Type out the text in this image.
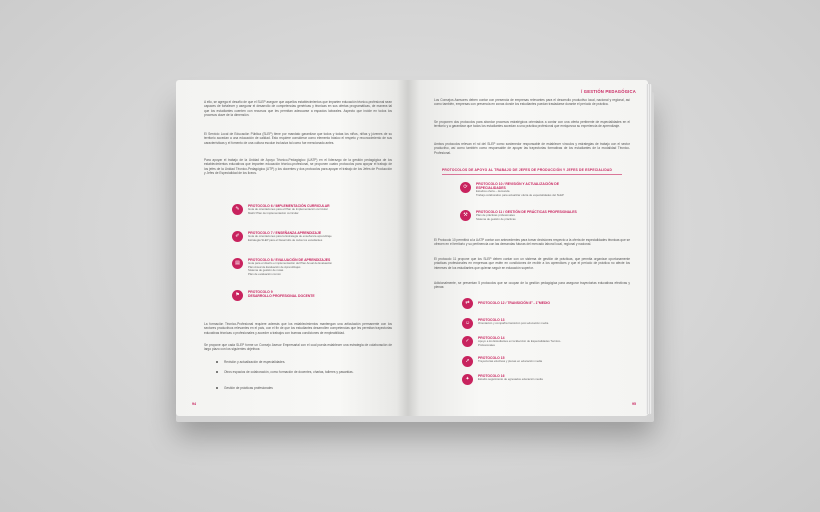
A ello, se agrega el desafío de que el SLEP asegure que aquellos establecimientos que imparten educación técnico-profesional sean capaces de fortalecer y asegurar el desarrollo de competencias genéricas y técnicas en sus ofertas programáticas, de manera tal que los estudiantes cuenten con recursos que les permitan adecuarse a espacios laborales. Aspecto que incide en todos los procesos clave de la dimensión.

El Servicio Local de Educación Pública (SLEP) tiene por mandato garantizar que todos y todas los niños, niñas y jóvenes de su territorio accedan a una educación de calidad. Esto requiere considerar como elemento básico el respeto y reconocimiento de sus características y el fomento de una cultura escolar inclusiva tal como fue mencionado antes.

Para apoyar el trabajo de la Unidad de Apoyo Técnico-Pedagógico (UATP) en el liderazgo de la gestión pedagógica de los establecimientos educativos que imparten educación técnico-profesional, se proponen cuatro protocolos para apoyar el trabajo de los jefes de la Unidad Técnico-Pedagógica (UTP) y los docentes y dos protocolos para apoyar el trabajo de los Jefes de Producción y Jefes de Especialidad de los liceos.

✎	PROTOCOLO 6 / IMPLEMENTACIÓN CURRICULAR
Guía de orientaciones para el Plan de Implementación curricular
Matriz Plan de implementación curricular
✐	PROTOCOLO 7 / ENSEÑANZA APRENDIZAJE
Guía de orientaciones para la Estrategia de enseñanza aprendizaje
Estrategia SLEP para el Desarrollo de todos los estudiantes
▤	PROTOCOLO 8 / EVALUACIÓN DE APRENDIZAJES
Guía para el diseño e implementación del Plan Anual de Evaluación
Plan Anual de Evaluación de Aprendizajes
Sistema de gestión de notas
Plan de evaluación común
⚑	PROTOCOLO 9
DESARROLLO PROFESIONAL DOCENTE

La formación Técnico-Profesional requiere además que los establecimientos mantengan una articulación permanente con los sectores productivos relevantes en el país, con el fin de que los estudiantes desarrollen competencias que les permitan trayectorias educativas técnicas o profesionales y acceder a trabajos con buenas condiciones de empleabilidad.

Se propone que cada SLEP forme un Consejo Asesor Empresarial con el cual pueda establecer una estrategia de colaboración de largo plazo con los siguientes objetivos:

Revisión y actualización de especialidades.
Otros espacios de colaboración, como formación de docentes, charlas, talleres y pasantías.
Gestión de prácticas profesionales
94
/ GESTIÓN PEDAGÓGICA

Los Consejos Asesores deben contar con presencia de empresas relevantes para el desarrollo productivo local, nacional y regional, así como también, empresas con presencia en zonas donde los estudiantes puedan trasladarse durante el período de práctica.

Se proponen dos protocolos para abordar procesos estratégicos orientados a contar con una oferta pertinente de especialidades en el territorio y a garantizar que todos los estudiantes accedan a una práctica profesional que enriquezca su experiencia de aprendizaje.

Ambos protocolos relevan el rol del SLEP como sostenedor responsable de establecer vínculos y estrategias de trabajo con el sector productivo, así como también como responsable de apoyar las trayectorias formativas de los estudiantes de la modalidad Técnico-Profesional.

PROTOCOLOS DE APOYO AL TRABAJO DE JEFES DE PRODUCCIÓN Y JEFES DE ESPECIALIDAD
⟳	PROTOCOLO 10 / REVISIÓN Y ACTUALIZACIÓN DE ESPECIALIDADES
Estudios oferta – demanda
Trabajo colaborativo para actualizar oferta de especialidades del SLEP
⚒	PROTOCOLO 11 / GESTIÓN DE PRÁCTICAS PROFESIONALES
Plan de prácticas profesionales
Sistema de gestión de prácticas

El Protocolo 10 permitirá a la UATP contar con antecedentes para tomar decisiones respecto a la oferta de especialidades técnicas que se ofrecen en el territorio y su pertinencia con las demandas futuras del mercado laboral local, regional y nacional.

El protocolo 11 propone que los SLEP deben contar con un sistema de gestión de prácticas, que permita organizar oportunamente prácticas profesionales en empresas que estén en condiciones de recibir a los aprendices y que el período de práctica no afecte los intereses de los estudiantes que quieran seguir en educación superior.

Adicionalmente, se presentan 5 protocolos que se ocupan de la gestión pedagógica para asegurar trayectorias educativas efectivas y plenas:

⇄	PROTOCOLO 12 / TRANSICIÓN 8° - 1°MEDIO
☺	PROTOCOLO 13
Orientación y compañía transición post educación media
✓	PROTOCOLO 14
Apoyo a los Estudiantes en la Elección de Especialidades Técnico-Profesionales
➚	PROTOCOLO 15
Trayectorias efectivas y plenas en educación media
✦	PROTOCOLO 16
Estudio seguimiento de egresados educación media
95
